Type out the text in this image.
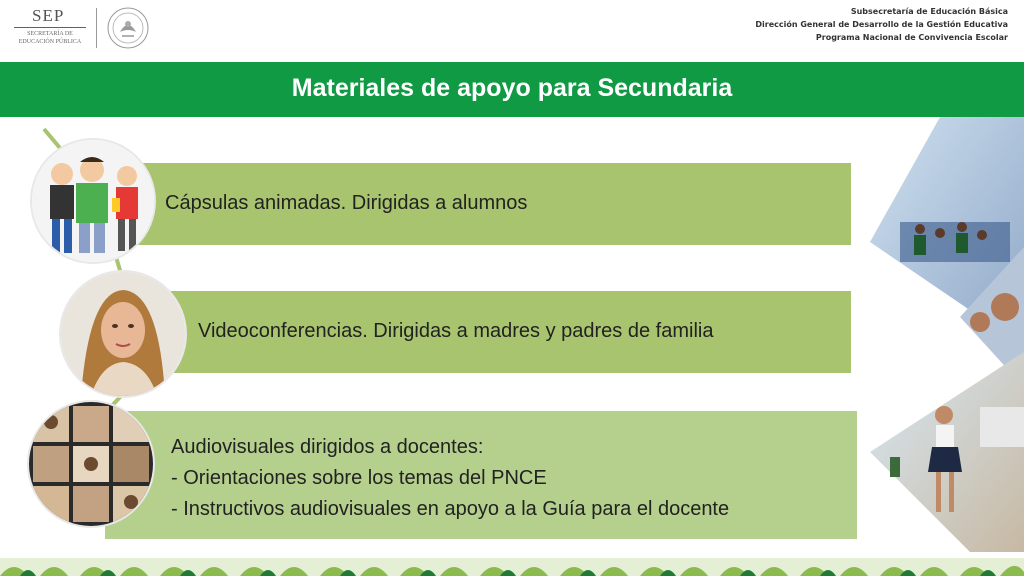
SEP
SECRETARÍA DE
EDUCACIÓN PÚBLICA
Subsecretaría de Educación Básica
Dirección General de Desarrollo de la Gestión Educativa
Programa Nacional de Convivencia Escolar
Materiales de apoyo para Secundaria
Cápsulas animadas. Dirigidas a alumnos
Videoconferencias. Dirigidas a madres y padres de familia
Audiovisuales dirigidos a docentes:
- Orientaciones sobre los temas del PNCE
- Instructivos audiovisuales en apoyo a la Guía para el docente
